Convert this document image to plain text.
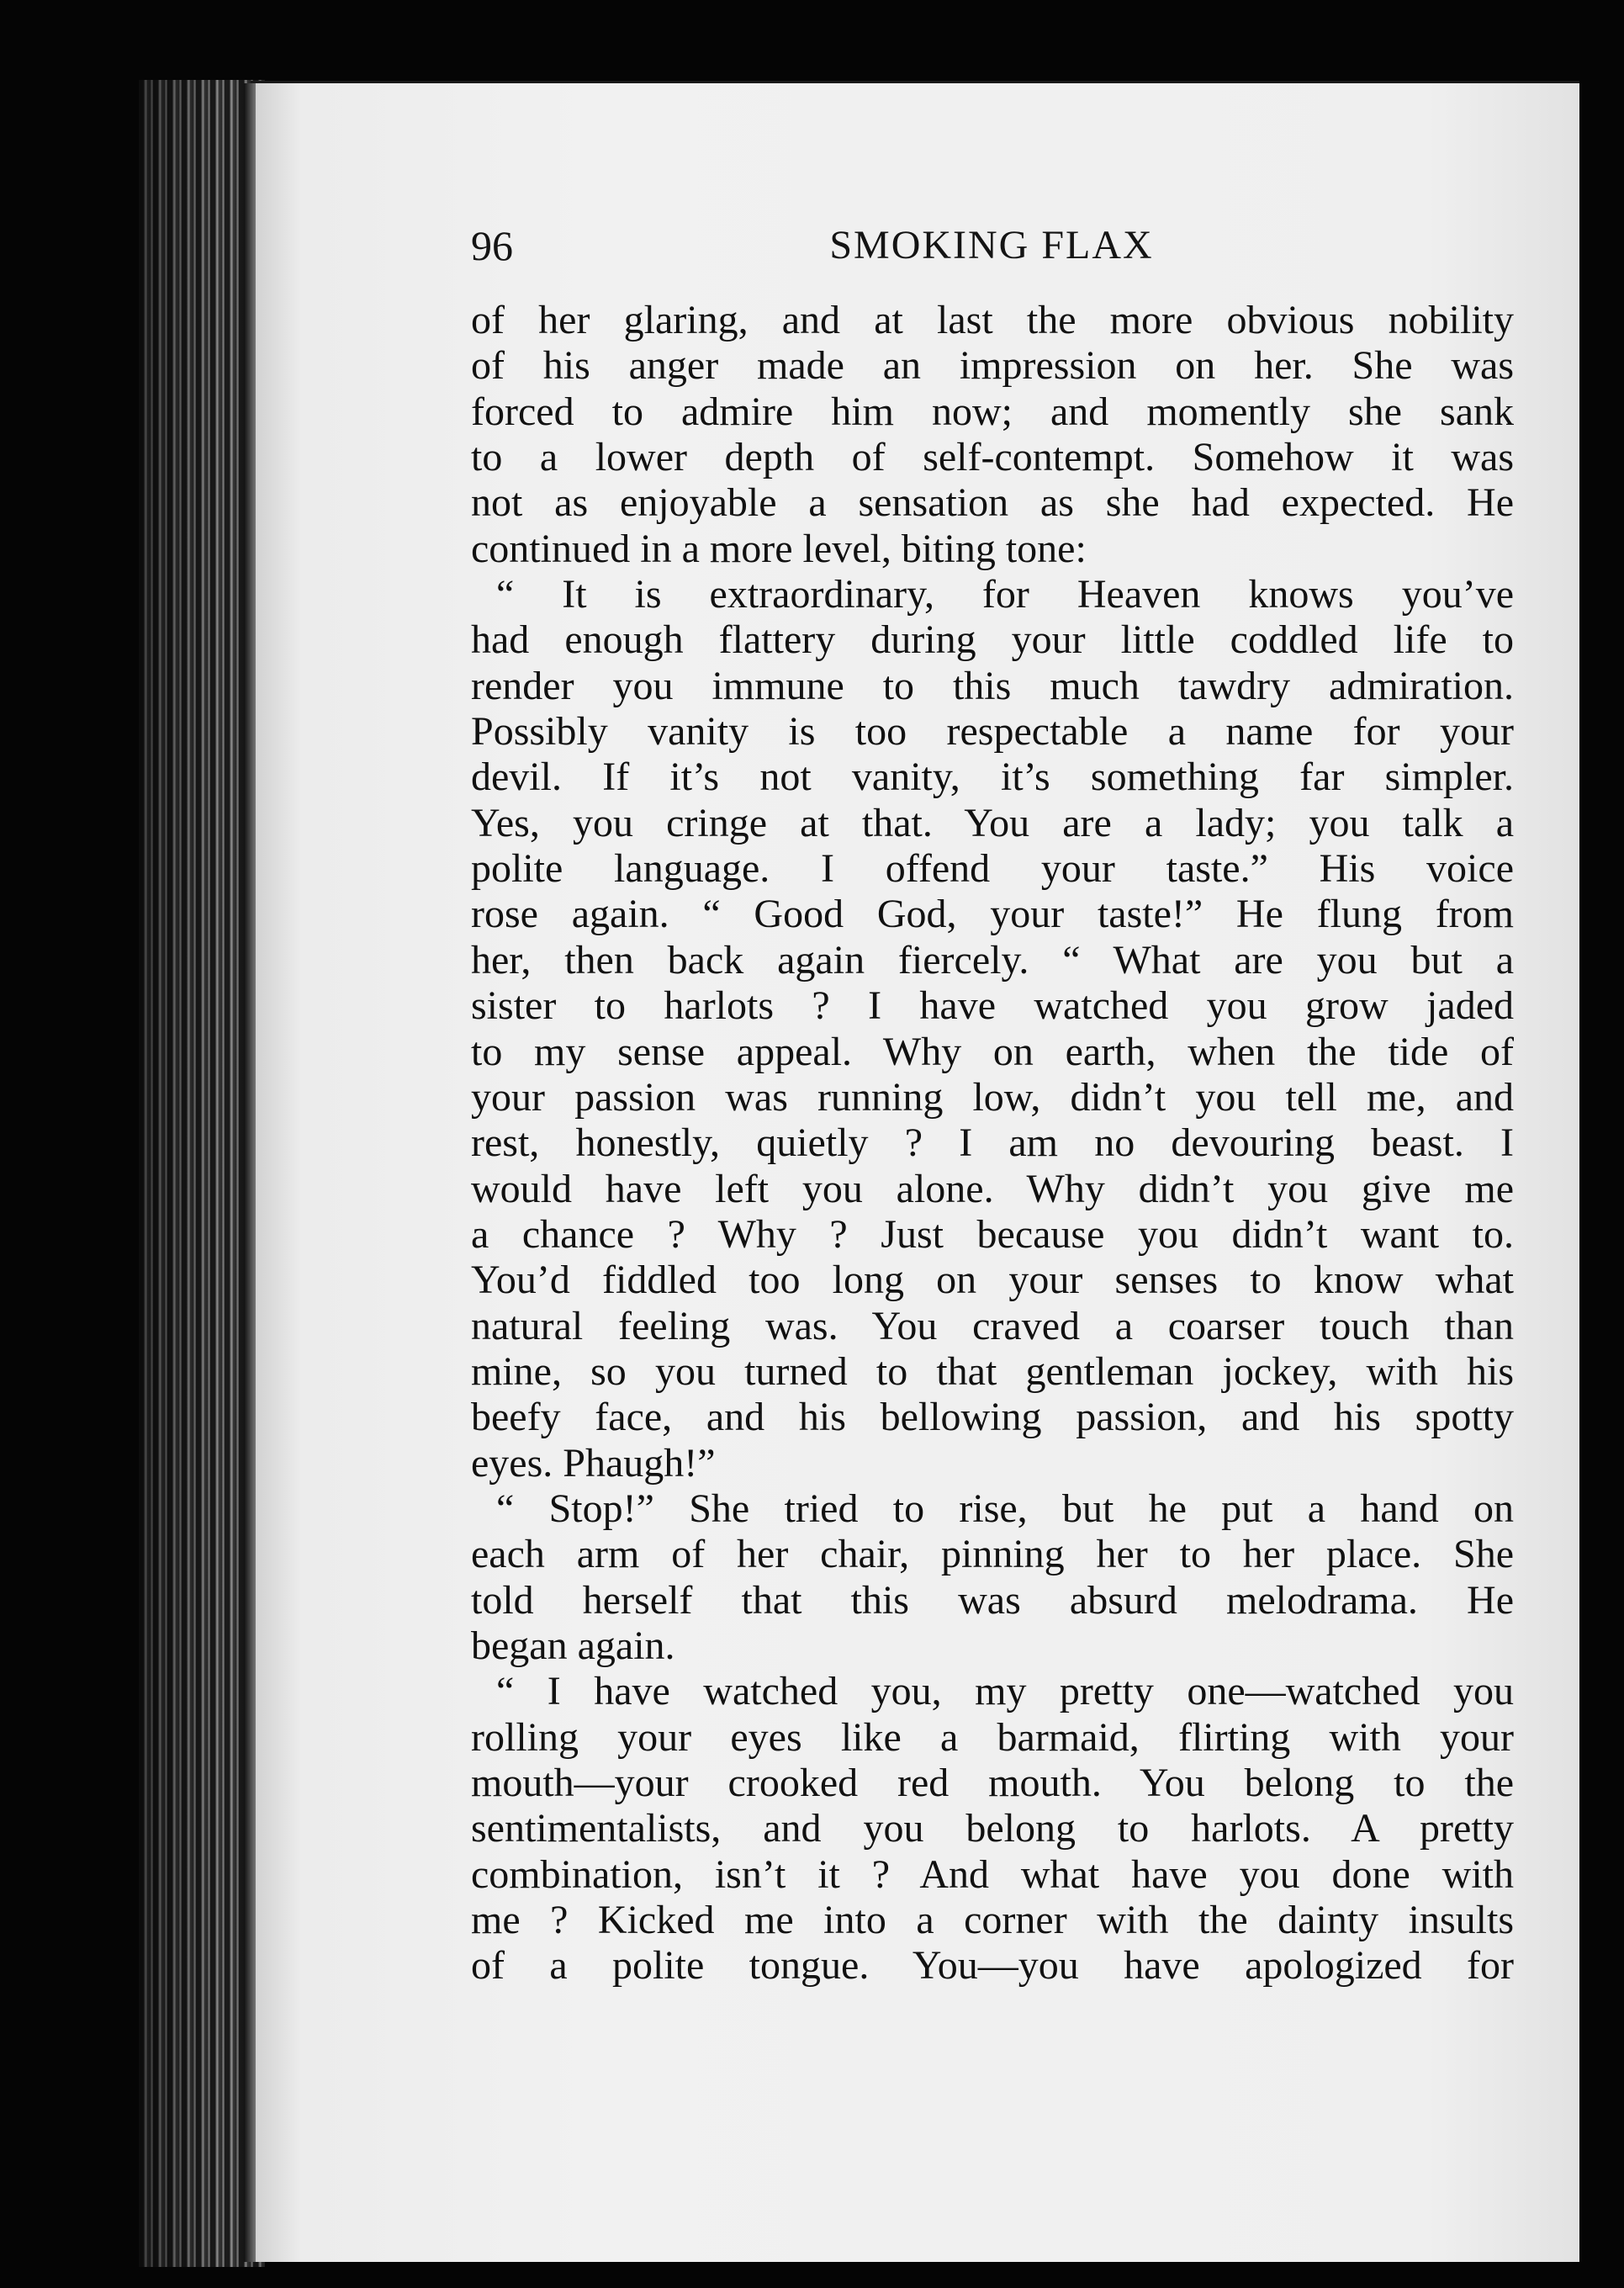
96	SMOKING FLAX
of her glaring, and at last the more obvious nobility
of his anger made an impression on her. She was
forced to admire him now; and momently she sank
to a lower depth of self-contempt. Somehow it was
not as enjoyable a sensation as she had expected. He
continued in a more level, biting tone:
“ It is extraordinary, for Heaven knows you’ve
had enough flattery during your little coddled life to
render you immune to this much tawdry admiration.
Possibly vanity is too respectable a name for your
devil. If it’s not vanity, it’s something far simpler.
Yes, you cringe at that. You are a lady; you talk a
polite language. I offend your taste.” His voice
rose again. “ Good God, your taste!” He flung from
her, then back again fiercely. “ What are you but a
sister to harlots ? I have watched you grow jaded
to my sense appeal. Why on earth, when the tide of
your passion was running low, didn’t you tell me, and
rest, honestly, quietly ? I am no devouring beast. I
would have left you alone. Why didn’t you give me
a chance ? Why ? Just because you didn’t want to.
You’d fiddled too long on your senses to know what
natural feeling was. You craved a coarser touch than
mine, so you turned to that gentleman jockey, with his
beefy face, and his bellowing passion, and his spotty
eyes. Phaugh!”
“ Stop!” She tried to rise, but he put a hand on
each arm of her chair, pinning her to her place. She
told herself that this was absurd melodrama. He
began again.
“ I have watched you, my pretty one—watched you
rolling your eyes like a barmaid, flirting with your
mouth—your crooked red mouth. You belong to the
sentimentalists, and you belong to harlots. A pretty
combination, isn’t it ? And what have you done with
me ? Kicked me into a corner with the dainty insults
of a polite tongue. You—you have apologized for
